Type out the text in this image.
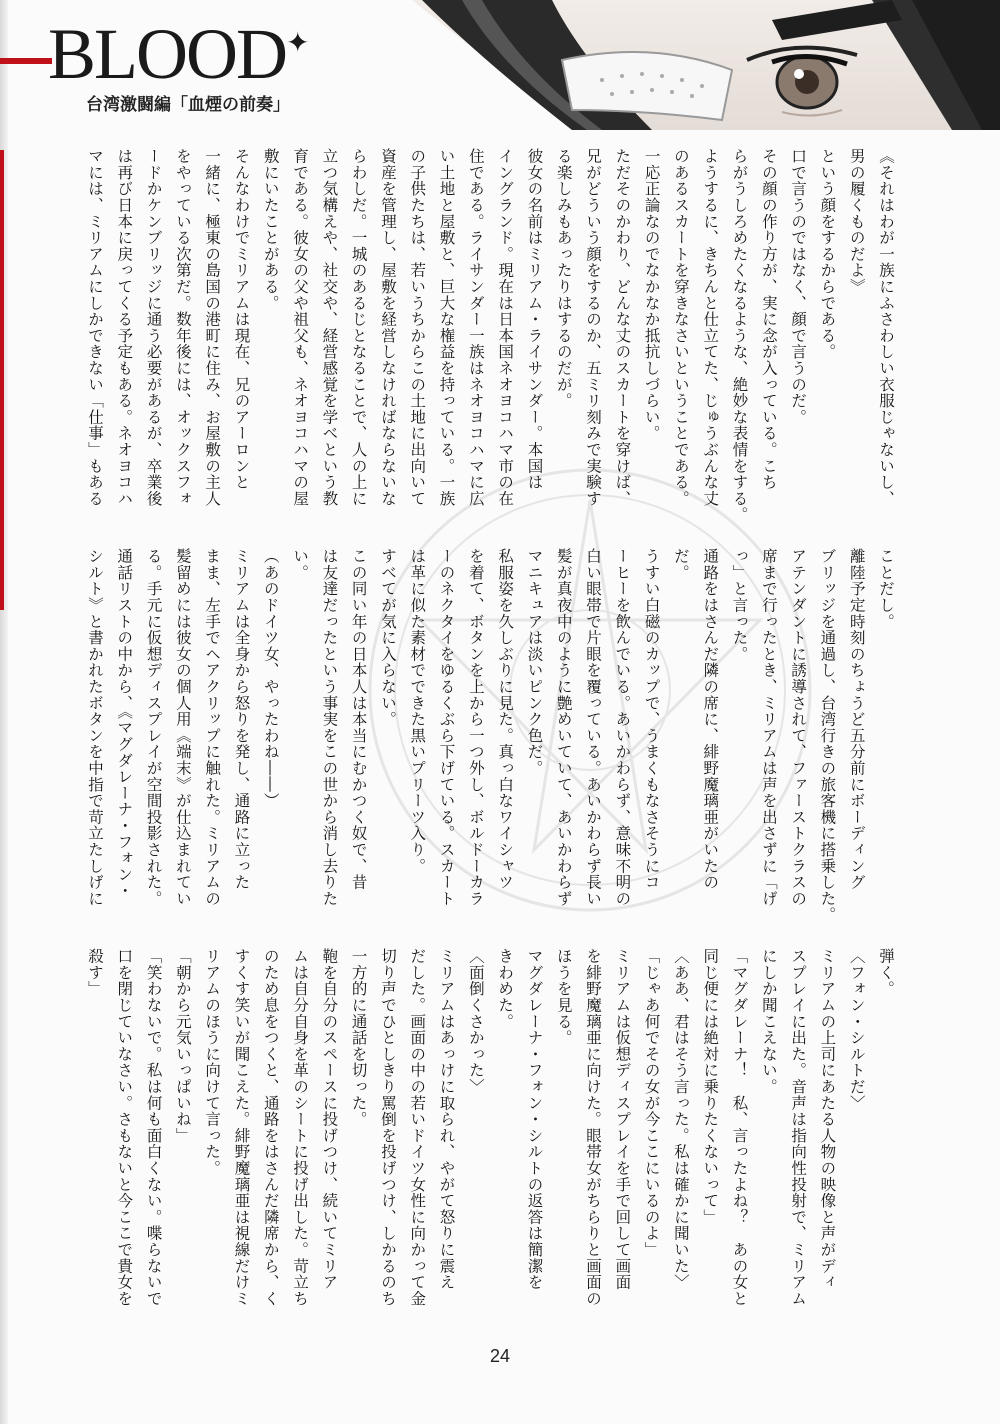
BLOOD✦
台湾激闘編「血煙の前奏」
《それはわが一族にふさわしい衣服じゃないし、
男の履くものだよ》
という顔をするからである。
口で言うのではなく、顔で言うのだ。
その顔の作り方が、実に念が入っている。こち
らがうしろめたくなるような、絶妙な表情をする。
ようするに、きちんと仕立てた、じゅうぶんな丈
のあるスカートを穿きなさいということである。
一応正論なのでなかなか抵抗しづらい。
ただそのかわり、どんな丈のスカートを穿けば、
兄がどういう顔をするのか、五ミリ刻みで実験す
る楽しみもあったりはするのだが。
彼女の名前はミリアム・ライサンダー。本国は
イングランド。現在は日本国ネオヨコハマ市の在
住である。ライサンダー一族はネオヨコハマに広
い土地と屋敷と、巨大な権益を持っている。一族
の子供たちは、若いうちからこの土地に出向いて
資産を管理し、屋敷を経営しなければならないな
らわしだ。一城のあるじとなることで、人の上に
立つ気構えや、社交や、経営感覚を学べという教
育である。彼女の父や祖父も、ネオヨコハマの屋
敷にいたことがある。
そんなわけでミリアムは現在、兄のアーロンと
一緒に、極東の島国の港町に住み、お屋敷の主人
をやっている次第だ。数年後には、オックスフォ
ードかケンブリッジに通う必要があるが、卒業後
は再び日本に戻ってくる予定もある。ネオヨコハ
マには、ミリアムにしかできない「仕事」もある
ことだし。
離陸予定時刻のちょうど五分前にボーディング
ブリッジを通過し、台湾行きの旅客機に搭乗した。
アテンダントに誘導されて、ファーストクラスの
席まで行ったとき、ミリアムは声を出さずに「げ
っ」と言った。
通路をはさんだ隣の席に、緋野魔璃亜がいたの
だ。
うすい白磁のカップで、うまくもなさそうにコ
ーヒーを飲んでいる。あいかわらず、意味不明の
白い眼帯で片眼を覆っている。あいかわらず長い
髪が真夜中のように艶めいていて、あいかわらず
マニキュアは淡いピンク色だ。
私服姿を久しぶりに見た。真っ白なワイシャツ
を着て、ボタンを上から一つ外し、ボルドーカラ
ーのネクタイをゆるくぶら下げている。スカート
は革に似た素材でできた黒いプリーツ入り。
すべてが気に入らない。
この同い年の日本人は本当にむかつく奴で、昔
は友達だったという事実をこの世から消し去りた
い。
（あのドイツ女、やったわね――）
ミリアムは全身から怒りを発し、通路に立った
まま、左手でヘアクリップに触れた。ミリアムの
髪留めには彼女の個人用《端末》が仕込まれてい
る。手元に仮想ディスプレイが空間投影された。
通話リストの中から、《マグダレーナ・フォン・
シルト》と書かれたボタンを中指で苛立たしげに
弾く。
〈フォン・シルトだ〉
ミリアムの上司にあたる人物の映像と声がディ
スプレイに出た。音声は指向性投射で、ミリアム
にしか聞こえない。
「マグダレーナ！　私、言ったよね？　あの女と
同じ便には絶対に乗りたくないって」
〈ああ、君はそう言った。私は確かに聞いた〉
「じゃあ何でその女が今ここにいるのよ」
ミリアムは仮想ディスプレイを手で回して画面
を緋野魔璃亜に向けた。眼帯女がちらりと画面の
ほうを見る。
マグダレーナ・フォン・シルトの返答は簡潔を
きわめた。
〈面倒くさかった〉
ミリアムはあっけに取られ、やがて怒りに震え
だした。画面の中の若いドイツ女性に向かって金
切り声でひとしきり罵倒を投げつけ、しかるのち
一方的に通話を切った。
鞄を自分のスペースに投げつけ、続いてミリア
ムは自分自身を革のシートに投げ出した。苛立ち
のため息をつくと、通路をはさんだ隣席から、く
すくす笑いが聞こえた。緋野魔璃亜は視線だけミ
リアムのほうに向けて言った。
「朝から元気いっぱいね」
「笑わないで。私は何も面白くない。喋らないで
口を閉じていなさい。さもないと今ここで貴女を
殺す」
24
